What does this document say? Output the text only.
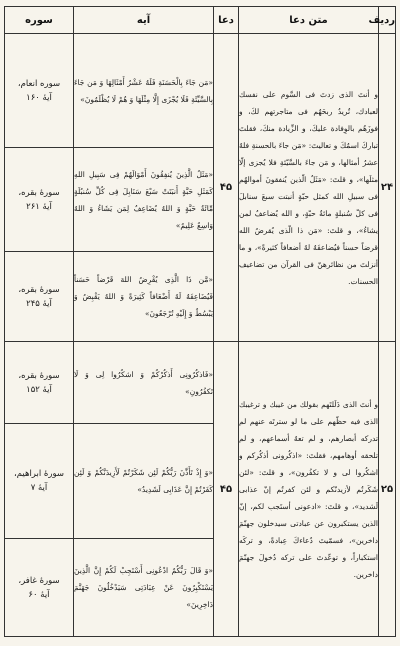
ردیف	متن دعا	دعا	آیه	سوره
۲۴	و أنتَ الذى زدتَ فى السَّوم على نفسك لعبادك، تُريدُ ربحَهُم فى متاجرتهم لكَ، و فوزَهُم بالوِفادة عليكَ، و الزِّيادة منكَ، فقلتَ تباركَ اسمُكَ و تعاليتَ: «مَن جاءَ بالحسنةِ فلهُ عشرُ أمثالها، و مَن جاءَ بالسَّيّئةِ فلا يُجزى إلّا مثلَها»، و قلتَ: «مَثَلُ الّذين يُنفقونَ أموالهُم فى سبيلِ الله كمثل حبّةٍ أنبتت سبعَ سنابلَ فى كلّ سُنبلةٍ مائةُ حبّةٍ، و الله يُضاعفُ لمن يشاءُ»، و قلتَ: «مَن ذا الّذى يُقرضُ الله قرضاً حسناً فيُضاعفَهُ لهُ أضعافاً كثيرةً»، و ما أنزلتَ من نظائرهنّ فى القرآن من تضاعيف الحسنات.	۴۵	«مَن جَاءَ بِالْحَسَنَةِ فَلَهُ عَشْرُ أَمْثَالِهَا وَ مَن جَاءَ بِالسَّيِّئَةِ فَلَا يُجْزَى إِلَّا مِثْلَهَا وَ هُمْ لَا يُظْلَمُونَ»	سوره انعام،
آیهٔ ۱۶۰

			«مَثَلُ الَّذِينَ يُنفِقُونَ أَمْوَالَهُمْ فِى سَبِيلِ اللهِ كَمَثَلِ حَبَّةٍ أَنبَتَتْ سَبْعَ سَنَابِلَ فِى كُلِّ سُنبُلَةٍ مِّائَةُ حَبَّةٍ وَ اللهُ يُضَاعِفُ لِمَن يَشَاءُ وَ اللهُ وَاسِعٌ عَلِيمٌ»	سورهٔ بقره،
آیهٔ ۲۶۱

			«مَّن ذَا الَّذِى يُقْرِضُ اللهَ قَرْضاً حَسَناً فَيُضَاعِفَهُ لَهُ أَضْعَافاً كَثِيرَةً وَ اللهُ يَقْبِضُ وَ يَبْسُطُ وَ إِلَيْهِ تُرْجَعُونَ»	سورهٔ بقره،
آیهٔ ۲۴۵

۲۵	و أنتَ الذى دَلَلتَهم بقولك من غيبك و ترغيبك الذى فيه حظّهم على ما لو سترتَه عنهم لم تدركه أبصارهم، و لم تعهُ أسماعهم، و لم تلحقه أوهامهم، فقلتَ: «اذكُرونى أذكُركم و اشكُروا لى و لا تكفُرون»، و قلتَ: «لئن شَكَرتُم لأزيدنّكم و لئن كفرتُم إنّ عذابى لَشديد»، و قلتَ: «ادعونى أستَجب لكم، إنّ الذين يستكبرون عن عبادتى سيدخلون جهنّمَ داخرين»، فسمّيتَ دُعاءكَ عِبادةً، و تركَه استكباراً، و توعّدتَ على تركه دُخولَ جهنّمَ داخرين.	۴۵	«فَاذكُرُونِى أَذكُرْكُمْ وَ اشكُرُوا لِى وَ لَا تَكفُرُونِ»	سورهٔ بقره،
آیهٔ ۱۵۲

			«وَ إِذْ تَأَذَّنَ رَبُّكُمْ لَئِن شَكَرْتُمْ لَأَزِيدَنَّكُمْ وَ لَئِن كَفَرْتُمْ إِنَّ عَذَابِى لَشَدِيدٌ»	سورهٔ ابراهیم،
آیهٔ ۷

			«وَ قَالَ رَبُّكُمُ ادْعُونِى أَسْتَجِبْ لَكُمْ إِنَّ الَّذِينَ يَسْتَكْبِرُونَ عَنْ عِبَادَتِى سَيَدْخُلُونَ جَهَنَّمَ دَاخِرِينَ»	سورهٔ غافر،
آیهٔ ۶۰
